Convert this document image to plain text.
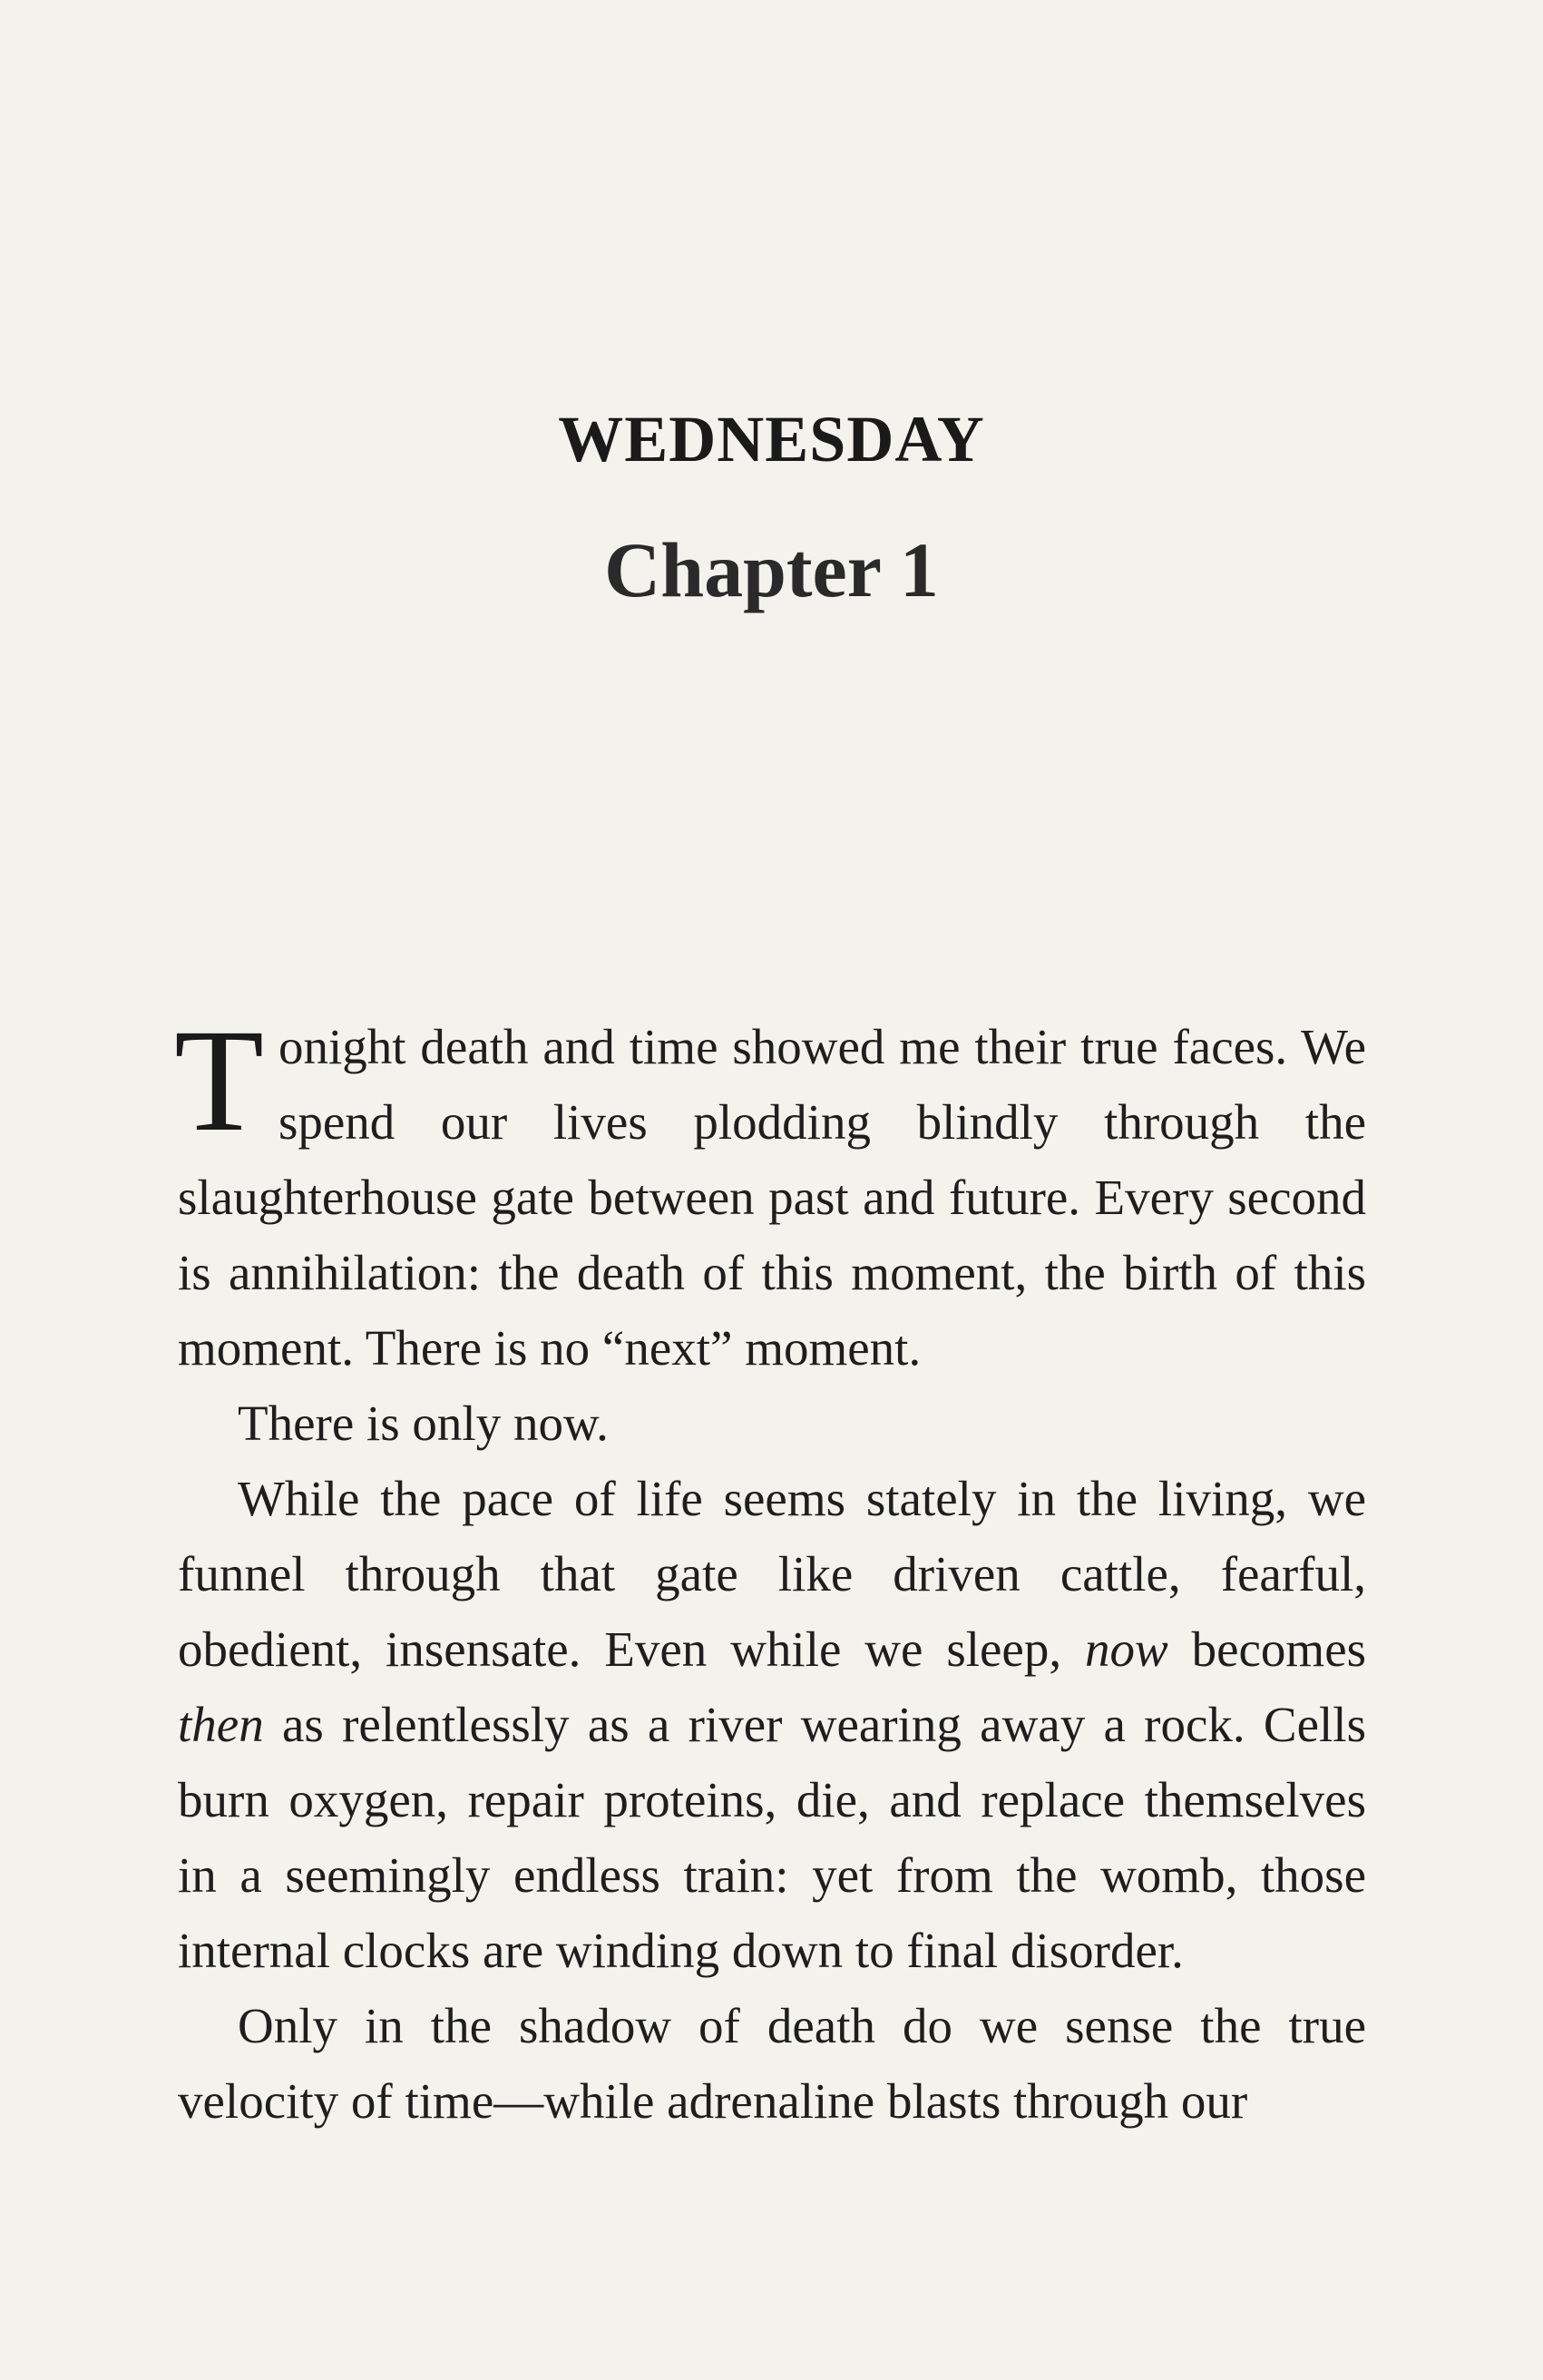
WEDNESDAY
Chapter 1

Tonight death and time showed me their true faces. We spend our lives plodding blindly through the slaughterhouse gate between past and future. Every second is annihilation: the death of this moment, the birth of this moment. There is no “next” moment.

There is only now.

While the pace of life seems stately in the living, we funnel through that gate like driven cattle, fearful, obedient, insensate. Even while we sleep, now becomes then as relentlessly as a river wearing away a rock. Cells burn oxygen, repair proteins, die, and replace themselves in a seemingly endless train: yet from the womb, those internal clocks are winding down to final disorder.

Only in the shadow of death do we sense the true velocity of time—while adrenaline blasts through our
